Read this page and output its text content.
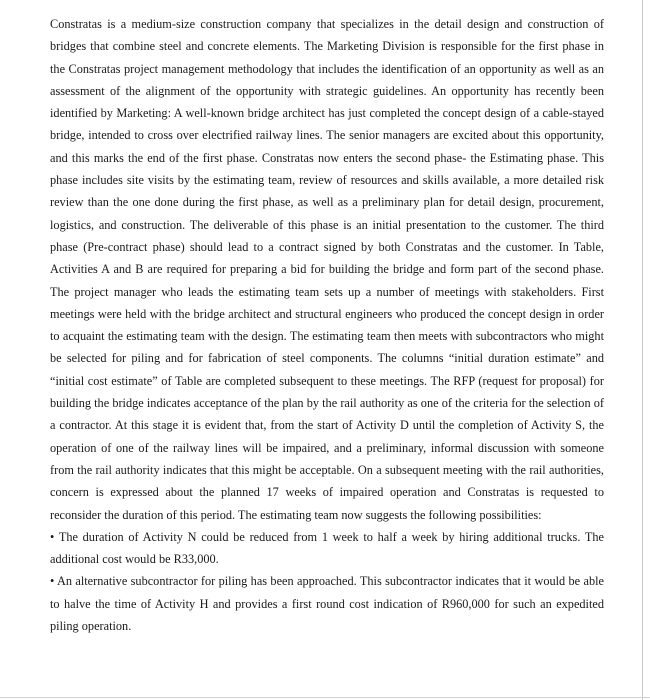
Constratas is a medium-size construction company that specializes in the detail design and construction of bridges that combine steel and concrete elements. The Marketing Division is responsible for the first phase in the Constratas project management methodology that includes the identification of an opportunity as well as an assessment of the alignment of the opportunity with strategic guidelines. An opportunity has recently been identified by Marketing: A well-known bridge architect has just completed the concept design of a cable-stayed bridge, intended to cross over electrified railway lines. The senior managers are excited about this opportunity, and this marks the end of the first phase. Constratas now enters the second phase- the Estimating phase. This phase includes site visits by the estimating team, review of resources and skills available, a more detailed risk review than the one done during the first phase, as well as a preliminary plan for detail design, procurement, logistics, and construction. The deliverable of this phase is an initial presentation to the customer. The third phase (Pre-contract phase) should lead to a contract signed by both Constratas and the customer. In Table, Activities A and B are required for preparing a bid for building the bridge and form part of the second phase. The project manager who leads the estimating team sets up a number of meetings with stakeholders. First meetings were held with the bridge architect and structural engineers who produced the concept design in order to acquaint the estimating team with the design. The estimating team then meets with subcontractors who might be selected for piling and for fabrication of steel components. The columns “initial duration estimate” and “initial cost estimate” of Table are completed subsequent to these meetings. The RFP (request for proposal) for building the bridge indicates acceptance of the plan by the rail authority as one of the criteria for the selection of a contractor. At this stage it is evident that, from the start of Activity D until the completion of Activity S, the operation of one of the railway lines will be impaired, and a preliminary, informal discussion with someone from the rail authority indicates that this might be acceptable. On a subsequent meeting with the rail authorities, concern is expressed about the planned 17 weeks of impaired operation and Constratas is requested to reconsider the duration of this period. The estimating team now suggests the following possibilities:

• The duration of Activity N could be reduced from 1 week to half a week by hiring additional trucks. The additional cost would be R33,000.

• An alternative subcontractor for piling has been approached. This subcontractor indicates that it would be able to halve the time of Activity H and provides a first round cost indication of R960,000 for such an expedited piling operation.
